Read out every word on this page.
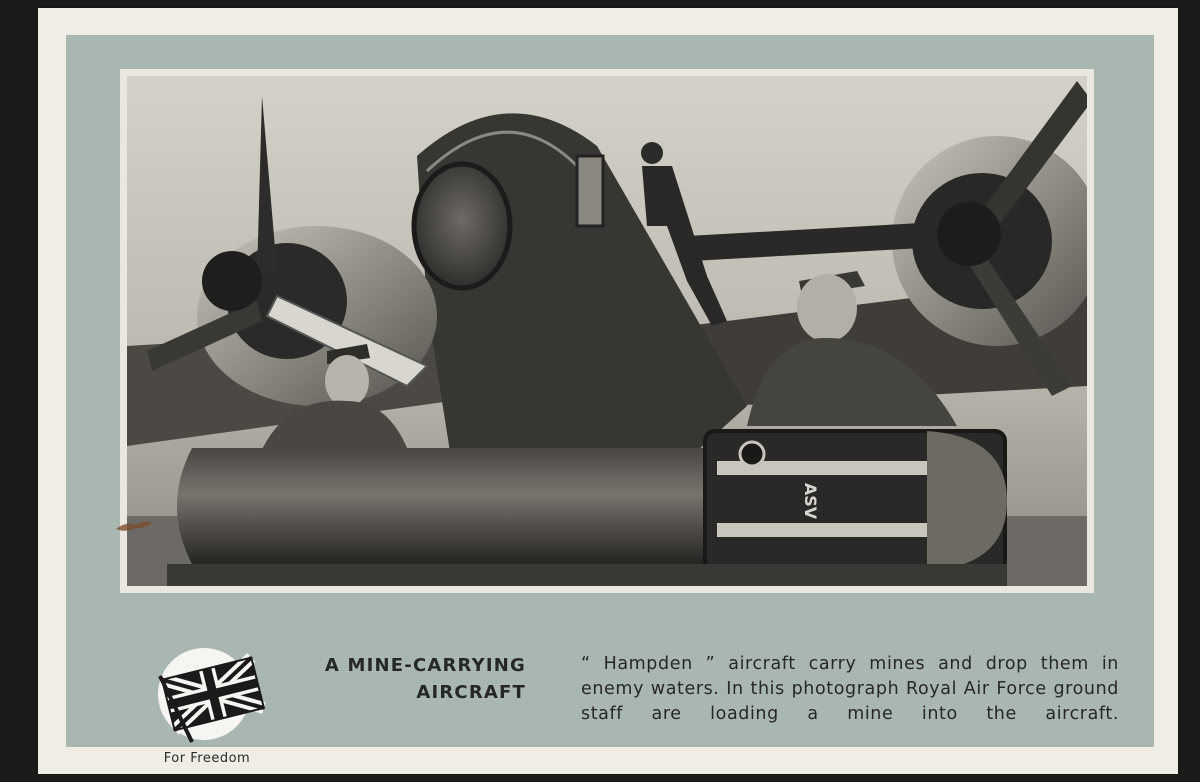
ASV
For Freedom
A MINE-CARRYING
AIRCRAFT
“ Hampden ” aircraft carry mines and drop them in enemy waters. In this photograph Royal Air Force ground staff are loading a mine into the aircraft.
